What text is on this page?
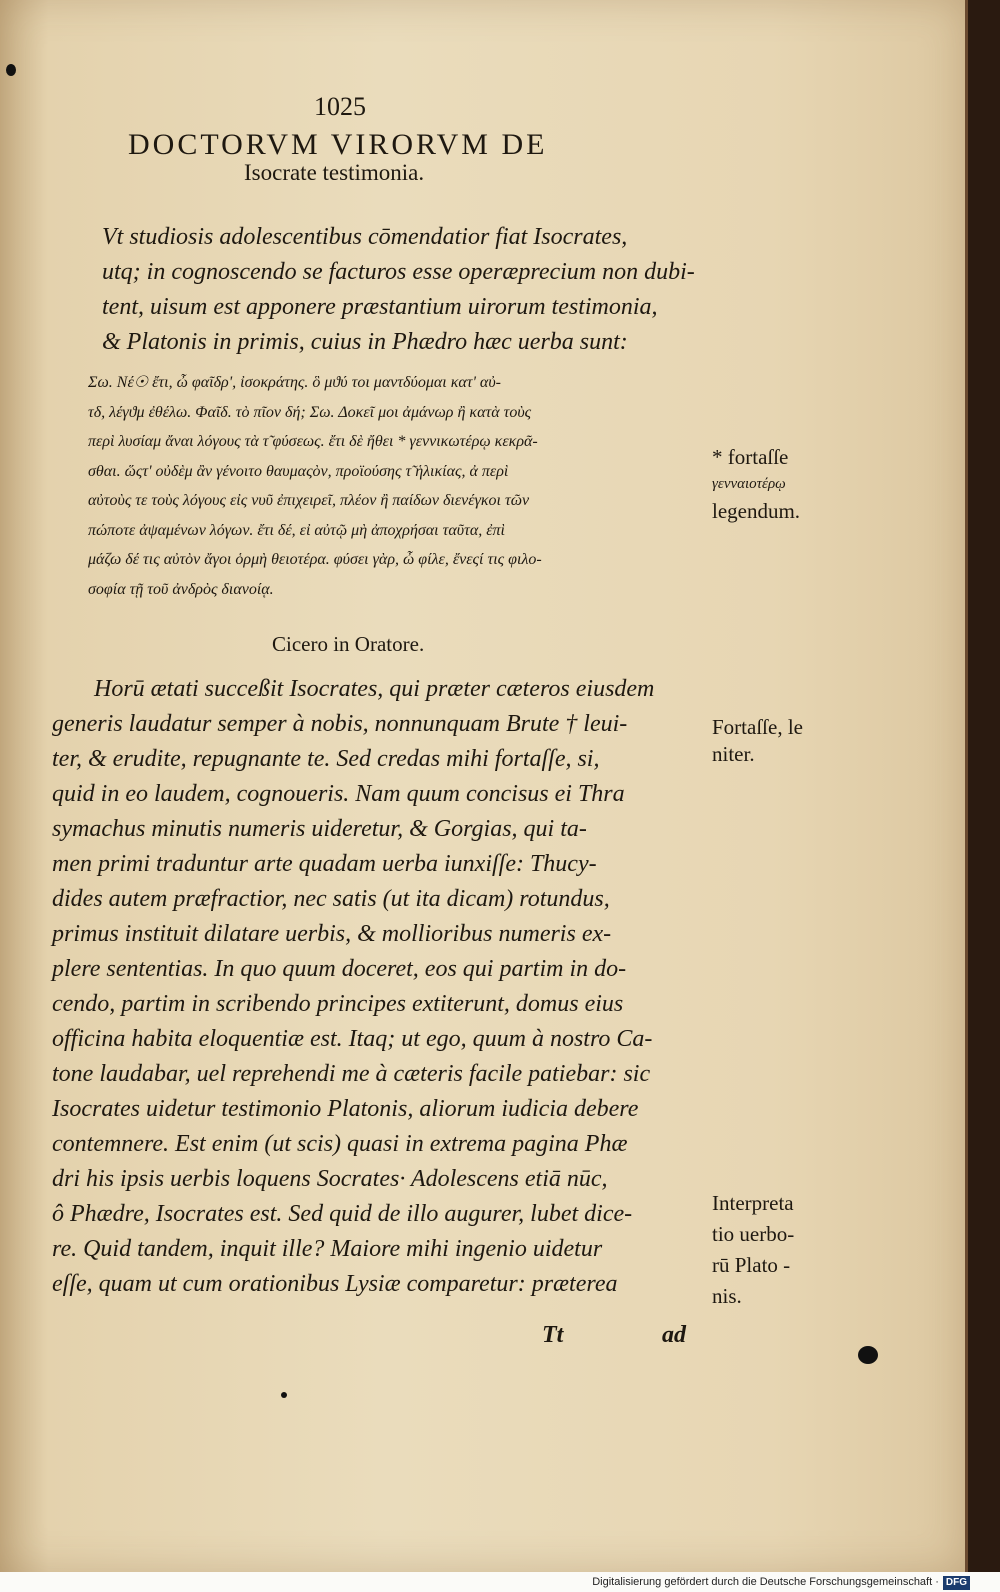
1025
DOCTORVM VIRORVM DE
Isocrate testimonia.
Vt studiosis adolescentibus cōmendatior fiat Isocrates,
utq; in cognoscendo se facturos esse operæprecium non dubi-
tent, uisum est apponere præstantium uirorum testimonia,
& Platonis in primis, cuius in Phædro hæc uerba sunt:
Σω. Νέ☉ ἔτι, ὦ φαῖδρ', ἰσοκράτης. ὃ μϑύ τοι μαντδύομαι κατ' αὐ-
τδ, λέγϑμ ἐθέλω. Φαῖδ. τὸ πῖον δή; Σω. Δοκεῖ μοι ἀμάνωρ ἢ κατὰ τοὺς
περὶ λυσίαμ ἄναι λόγους τὰ τ̃ φύσεως. ἔτι δὲ ἤθει * γεννικωτέρῳ κεκρᾶ-
σθαι. ὥςτ' οὐδὲμ ἂν γένοιτο θαυμαςὸν, προϊούσης τ̃ ἡλικίας, ἀ περὶ
αὐτοὺς τε τοὺς λόγους εἰς νυῦ ἐπιχειρεῖ, πλέον ἢ παίδων διενέγκοι τῶν
πώποτε ἀψαμένων λόγων. ἔτι δέ, εἰ αὐτῷ μὴ ἀποχρήσαι ταῦτα, ἐπὶ
μάζω δέ τις αὐτὸν ἄγοι ὁρμὴ θειοτέρα. φύσει γὰρ, ὦ φίλε, ἔνεςί τις φιλο-
σοφία τῇ τοῦ ἀνδρὸς διανοίᾳ.
* fortaſſe
γενναιοτέρῳ
legendum.
Cicero in Oratore.
Horū ætati succeßit Isocrates, qui præter cæteros eiusdem
generis laudatur semper à nobis, nonnunquam Brute † leui-
ter, & erudite, repugnante te. Sed credas mihi fortaſſe, si,
quid in eo laudem, cognoueris. Nam quum concisus ei Thra
symachus minutis numeris uideretur, & Gorgias, qui ta-
men primi traduntur arte quadam uerba iunxiſſe: Thucy-
dides autem præfractior, nec satis (ut ita dicam) rotundus,
primus instituit dilatare uerbis, & mollioribus numeris ex-
plere sententias. In quo quum doceret, eos qui partim in do-
cendo, partim in scribendo principes extiterunt, domus eius
officina habita eloquentiæ est. Itaq; ut ego, quum à nostro Ca-
tone laudabar, uel reprehendi me à cæteris facile patiebar: sic
Isocrates uidetur testimonio Platonis, aliorum iudicia debere
contemnere. Est enim (ut scis) quasi in extrema pagina Phæ
dri his ipsis uerbis loquens Socrates· Adolescens etiā nūc,
ô Phædre, Isocrates est. Sed quid de illo augurer, lubet dice-
re. Quid tandem, inquit ille? Maiore mihi ingenio uidetur
eſſe, quam ut cum orationibus Lysiæ comparetur: præterea
Fortaſſe, le
niter.
Interpreta
tio uerbo-
rū Plato -
nis.
Tt	ad
Digitalisierung gefördert durch die Deutsche Forschungsgemeinschaft · DFG
